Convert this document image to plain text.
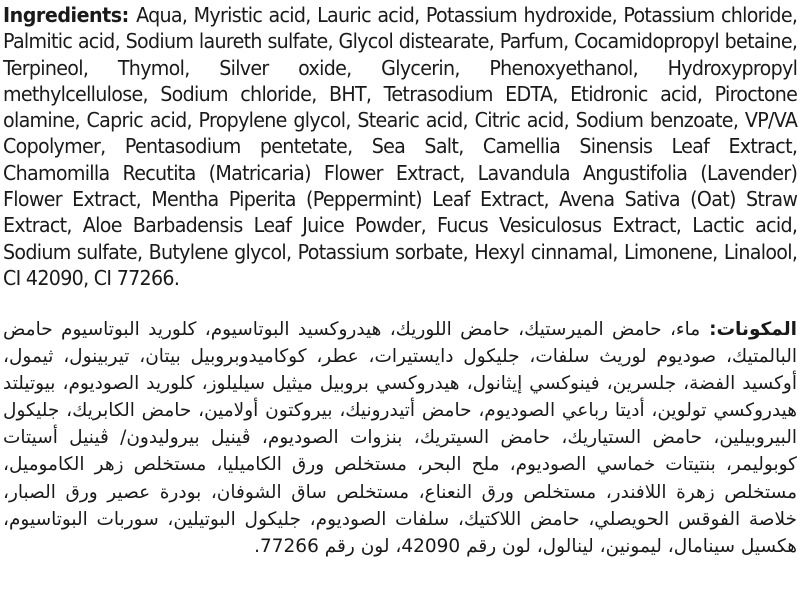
Ingredients: Aqua, Myristic acid, Lauric acid, Potassium hydroxide, Potassium chloride, Palmitic acid, Sodium laureth sulfate, Glycol distearate, Parfum, Cocamidopropyl betaine, Terpineol, Thymol, Silver oxide, Glycerin, Phenoxyethanol, Hydroxypropyl methylcellulose, Sodium chloride, BHT, Tetrasodium EDTA, Etidronic acid, Piroctone olamine, Capric acid, Propylene glycol, Stearic acid, Citric acid, Sodium benzoate, VP/VA Copolymer, Pentasodium pentetate, Sea Salt, Camellia Sinensis Leaf Extract, Chamomilla Recutita (Matricaria) Flower Extract, Lavandula Angustifolia (Lavender) Flower Extract, Mentha Piperita (Peppermint) Leaf Extract, Avena Sativa (Oat) Straw Extract, Aloe Barbadensis Leaf Juice Powder, Fucus Vesiculosus Extract, Lactic acid, Sodium sulfate, Butylene glycol, Potassium sorbate, Hexyl cinnamal, Limonene, Linalool, CI 42090, CI 77266.
المكونات: ماء، حامض الميرستيك، حامض اللوريك، هيدروكسيد البوتاسيوم، كلوريد البوتاسيوم حامض البالمتيك، صوديوم لوريث سلفات، جليكول دايستيرات، عطر، كوكاميدوبروبيل بيتان، تيربينول، ثيمول، أوكسيد الفضة، جلسرين، فينوكسي إيثانول، هيدروكسي بروبيل ميثيل سيليلوز، كلوريد الصوديوم، بيوتيلتد هيدروكسي تولوين، أديتا رباعي الصوديوم، حامض أتيدرونيك، بيروكتون أولامين، حامض الكابريك، جليكول البيروبيلين، حامض الستياريك، حامض السيتريك، بنزوات الصوديوم، ڤينيل بيروليدون/ ڤينيل أسيتات كوبوليمر، بنتيتات خماسي الصوديوم، ملح البحر، مستخلص ورق الكاميليا، مستخلص زهر الكاموميل، مستخلص زهرة اللافندر، مستخلص ورق النعناع، مستخلص ساق الشوفان، بودرة عصير ورق الصبار، خلاصة الفوقس الحويصلي، حامض اللاكتيك، سلفات الصوديوم، جليكول البوتيلين، سوربات البوتاسيوم، هكسيل سينامال، ليمونين، لينالول، لون رقم 42090، لون رقم 77266.
